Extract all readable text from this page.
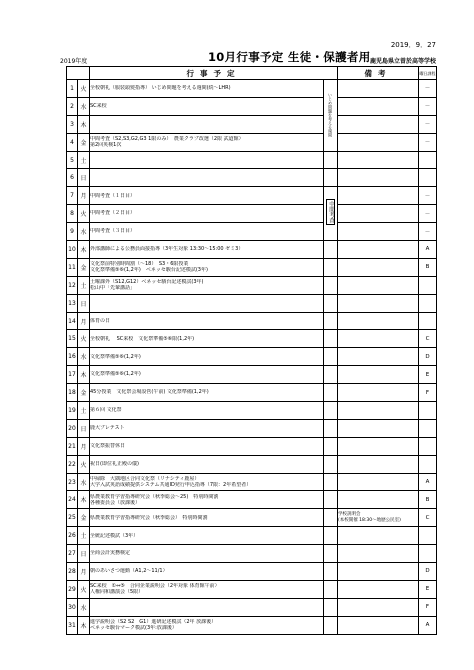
2019．9．27
2019年度	10月行事予定 生徒・保護者用 鹿児島県立曽於高等学校
		行事予定		備考	曜日課程
1	火	全校朝礼（服装頭髪指導） いじめ問題を考える週間(続～LHR)	いじめ問題を考える週間		－
2	水	SC来校			－
3	木				－
4	金	中間考査（S2,S3,G2,G3 1限のみ）　農業クラブ改選（2限 武道館）
第2回英検1次			－
5	土				
6	日				
7	月	中間考査（１日目）	中間考査		－
8	火	中間考査（２日目）			－
9	水	中間考査（３日目）			－
10	木	外部講師による公務員面接指導（3年生対象 13:30～15:00 ゼミ3）			A
11	金	文化祭前特別時間割（～18）　S3・6限授業
文化祭準備⑤⑥(1,2年)　ベネッセ駿台記述模試(3年)			B
12	土	土曜課外（S12,G12）ベネッセ駿台記述模試(3年)
松山中「先輩講話」			

13	日				
14	月	体育の日			

15	火	全校朝礼　 SC来校　文化祭準備⑤⑥限(1,2年)			C
16	水	文化祭準備⑤⑥(1,2年)			D
17	木	文化祭準備⑤⑥(1,2年)			E
18	金	45分授業　文化祭会場設営(午前) 文化祭準備(1,2年)			F
19	土	第６回 文化祭			

20	日	鹿大プレテスト			

21	月	文化祭振替休日			

22	火	祝日(即位礼正殿の儀)			

23	水	中掃除　大隅地区合同文化祭（リナシティ鹿屋）
大学入試英語成績提供システム共通ID発行申込指導（7限：2年希望者）			A
24	木	県農業教育学習指導研究会（秋季総会～25)　特別時間割
各種委員会（放課後）			B
25	金	県農業教育学習指導研究会（秋季総会）　特別時間割		学校説明会
(本校開催 18:30～地歴公民室)	C
26	土	全統記述模試（3年）			

27	日	全商会計実務検定			

28	月	朝のあいさつ運動（A1,2～11/1）			D
29	火	SC来校　①⇔⑤　合同企業説明会（2年対象 体育館午前）
人権同和講演会（5限）			E
30	水				F
31	木	進学説明会（S2 S2　G1）進研記述模試（2年 放課後）
ベネッセ駿台マーク模試(3年:放課後）			A
